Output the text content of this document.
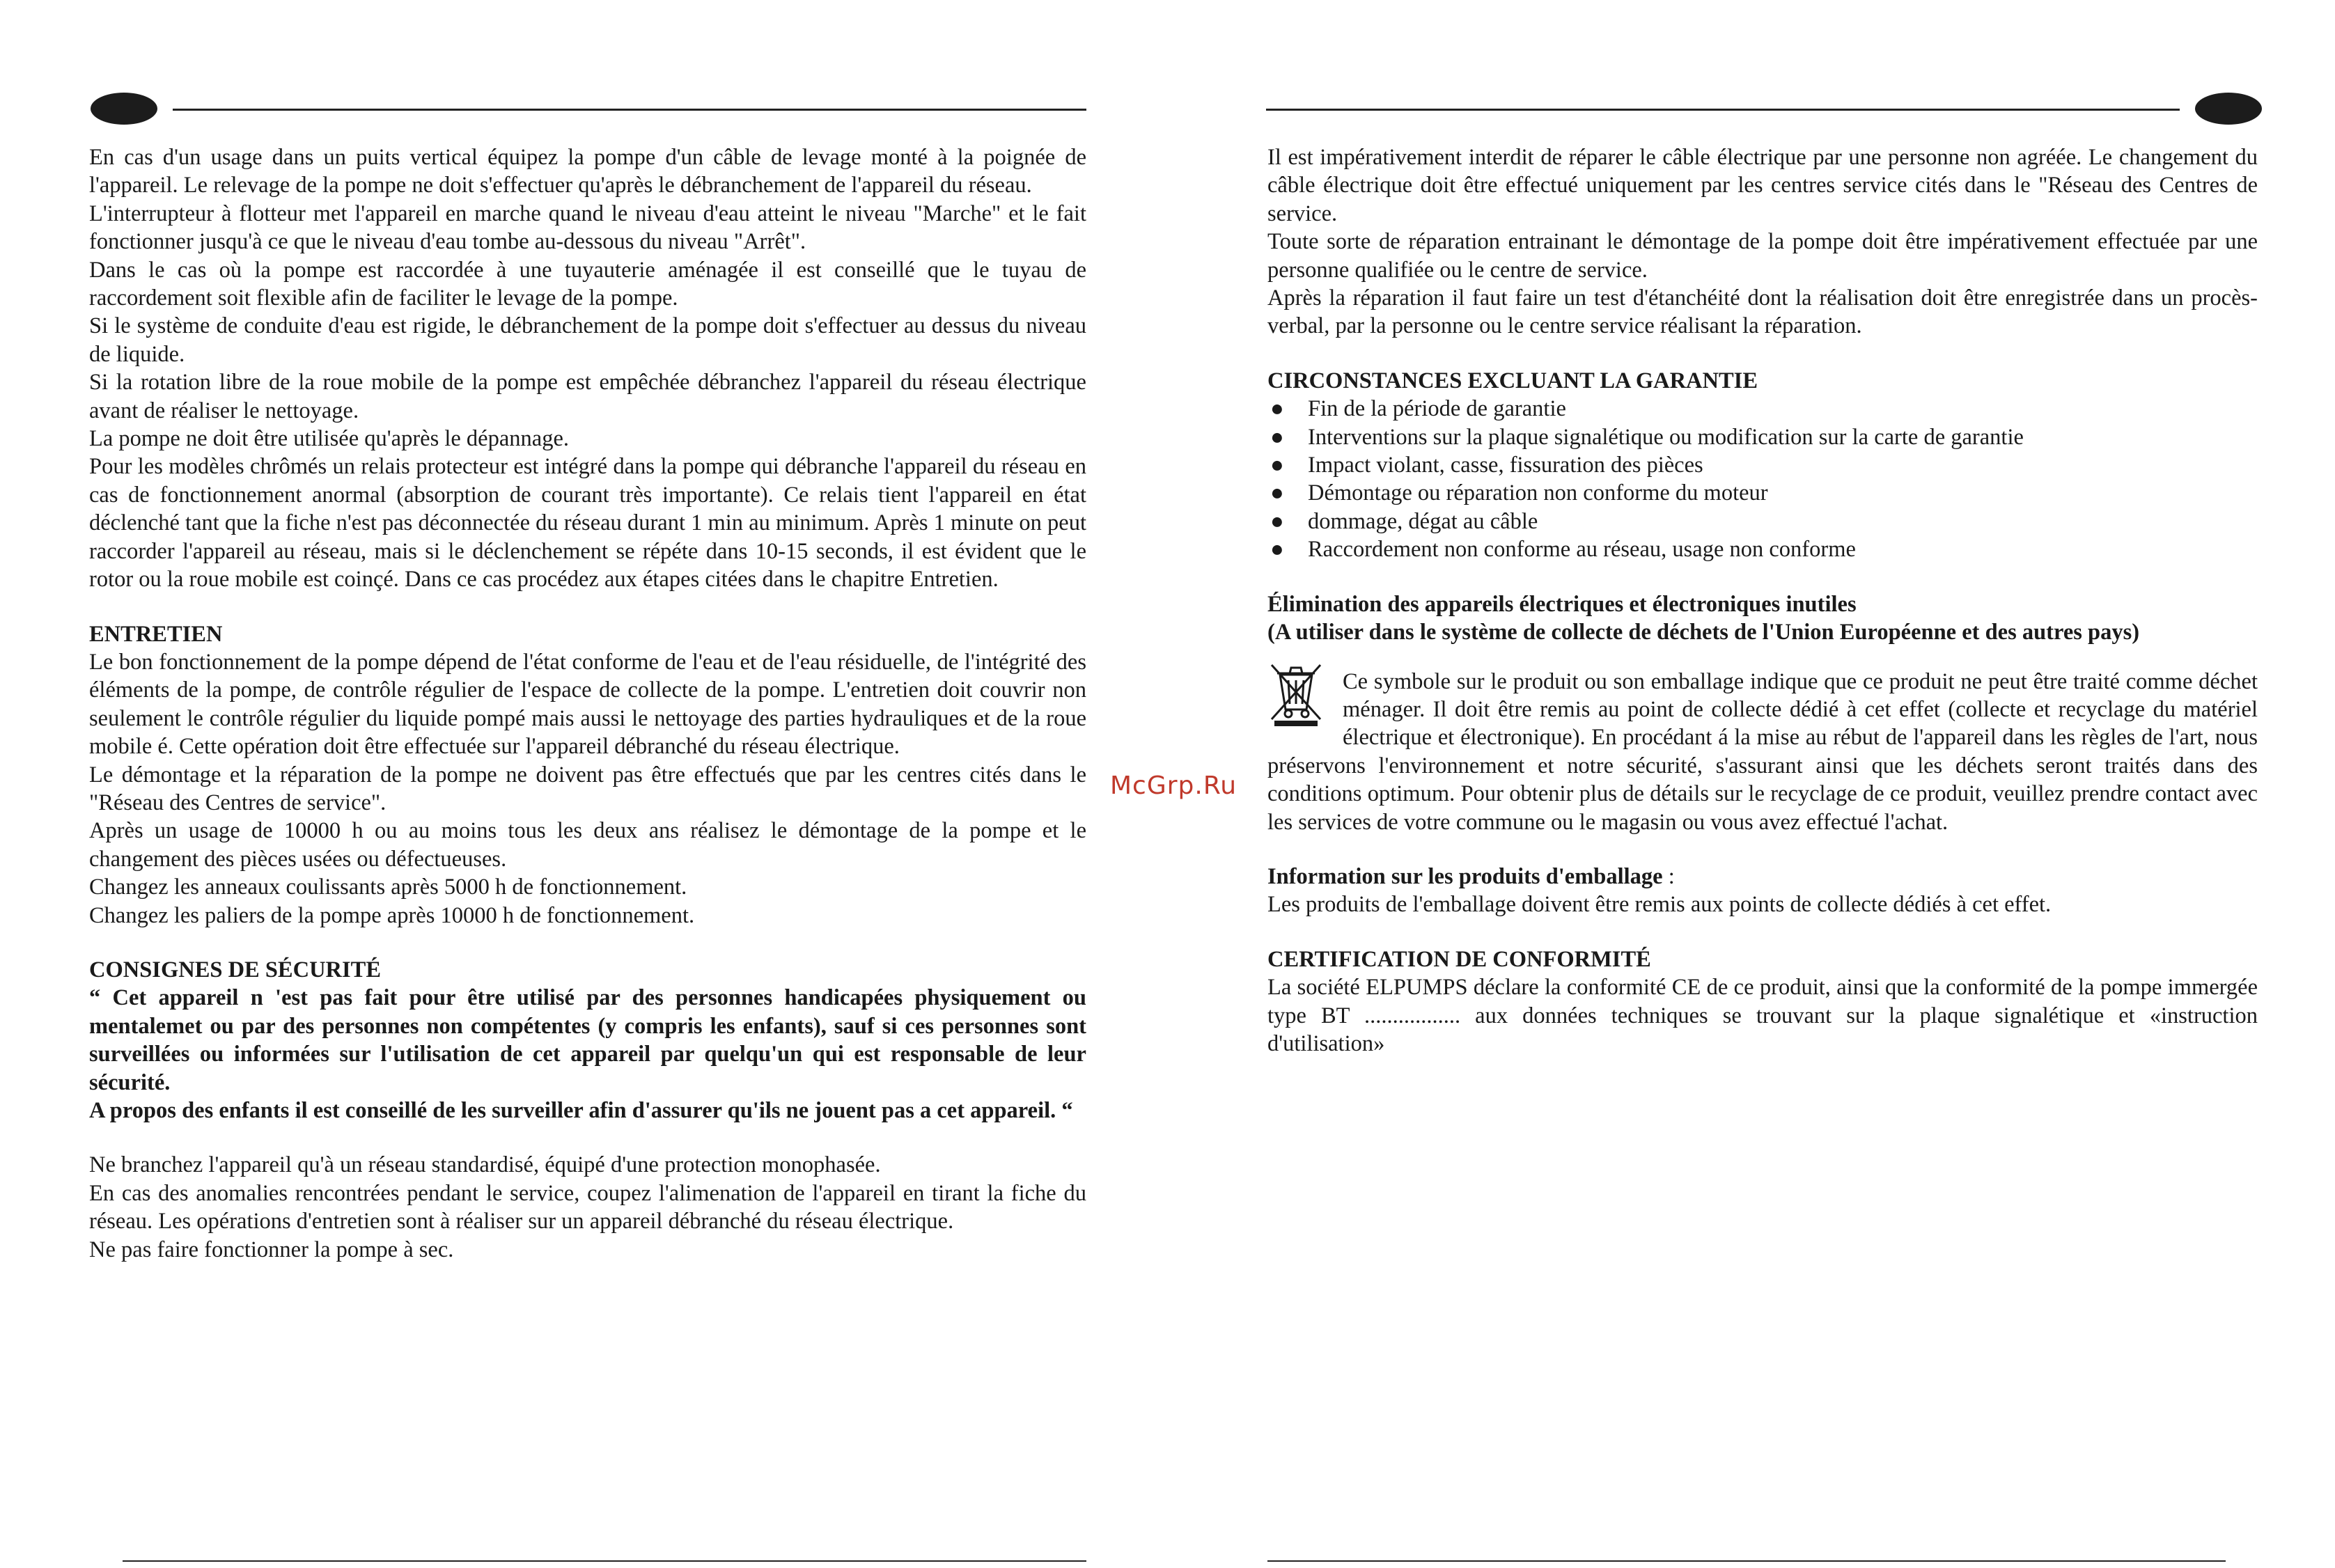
En cas d'un usage dans un puits vertical équipez la pompe d'un câble de levage monté à la poignée de l'appareil. Le relevage de la pompe ne doit s'effectuer qu'après le débranchement de l'appareil du réseau.

L'interrupteur à flotteur met l'appareil en marche quand le niveau d'eau atteint le niveau "Marche" et le fait fonctionner jusqu'à ce que le niveau d'eau tombe au-dessous du niveau "Arrêt".

Dans le cas où la pompe est raccordée à une tuyauterie aménagée il est conseillé que le tuyau de raccordement soit flexible afin de faciliter le levage de la pompe.

Si le système de conduite d'eau est rigide, le débranchement de la pompe doit s'effectuer au dessus du niveau de liquide.

Si la rotation libre de la roue mobile de la pompe est empêchée débranchez l'appareil du réseau électrique avant de réaliser le nettoyage.

La pompe ne doit être utilisée qu'après le dépannage.

Pour les modèles chrômés un relais protecteur est intégré dans la pompe qui débranche l'appareil du réseau en cas de fonctionnement anormal (absorption de courant très importante). Ce relais tient l'appareil en état déclenché tant que la fiche n'est pas déconnectée du réseau durant 1 min au minimum. Après 1 minute on peut raccorder l'appareil au réseau, mais si le déclenchement se répéte dans 10-15 seconds, il est évident que le rotor ou la roue mobile est coinçé. Dans ce cas procédez aux étapes citées dans le chapitre Entretien.

ENTRETIEN

Le bon fonctionnement de la pompe dépend de l'état conforme de l'eau et de l'eau résiduelle, de l'intégrité des éléments de la pompe, de contrôle régulier de l'espace de collecte de la pompe. L'entretien doit couvrir non seulement le contrôle régulier du liquide pompé mais aussi le nettoyage des parties hydrauliques et de la roue mobile é. Cette opération doit être effectuée sur l'appareil débranché du réseau électrique.

Le démontage et la réparation de la pompe ne doivent pas être effectués que par les centres cités dans le "Réseau des Centres de service".

Après un usage de 10000 h ou au moins tous les deux ans réalisez le démontage de la pompe et le changement des pièces usées ou défectueuses.

Changez les anneaux coulissants après 5000 h de fonctionnement.

Changez les paliers de la pompe après 10000 h de fonctionnement.

CONSIGNES DE SÉCURITÉ

“ Cet appareil n 'est pas fait pour être utilisé par des personnes handicapées physiquement ou mentalemet ou par des personnes non compétentes (y compris les enfants), sauf si ces personnes sont surveillées ou informées sur l'utilisation de cet appareil par quelqu'un qui est responsable de leur sécurité.

A propos des enfants il est conseillé de les surveiller afin d'assurer qu'ils ne jouent pas a cet appareil. “

Ne branchez l'appareil qu'à un réseau standardisé, équipé d'une protection monophasée.

En cas des anomalies rencontrées pendant le service, coupez l'alimenation de l'appareil en tirant la fiche du réseau. Les opérations d'entretien sont à réaliser sur un appareil débranché du réseau électrique.

Ne pas faire fonctionner la pompe à sec.

McGrp.Ru

Il est impérativement interdit de réparer le câble électrique par une personne non agréée. Le changement du câble électrique doit être effectué uniquement par les centres service cités dans le "Réseau des Centres de service.

Toute sorte de réparation entrainant le démontage de la pompe doit être impérativement effectuée par une personne qualifiée ou le centre de service.

Après la réparation il faut faire un test d'étanchéité dont la réalisation doit être enregistrée dans un procès-verbal, par la personne ou le centre service réalisant la réparation.

CIRCONSTANCES EXCLUANT LA GARANTIE

● Fin de la période de garantie
● Interventions sur la plaque signalétique ou modification sur la carte de garantie
● Impact violant, casse, fissuration des pièces
● Démontage ou réparation non conforme du moteur
● dommage, dégat au câble
● Raccordement non conforme au réseau, usage non conforme

Élimination des appareils électriques et électroniques inutiles

(A utiliser dans le système de collecte de déchets de l'Union Européenne et des autres pays)

Ce symbole sur le produit ou son emballage indique que ce produit ne peut être traité comme déchet ménager. Il doit être remis au point de collecte dédié à cet effet (collecte et recyclage du matériel électrique et électronique). En procédant á la mise au rébut de l'appareil dans les règles de l'art, nous préservons l'environnement et notre sécurité, s'assurant ainsi que les déchets seront traités dans des conditions optimum. Pour obtenir plus de détails sur le recyclage de ce produit, veuillez prendre contact avec les services de votre commune ou le magasin ou vous avez effectué l'achat.

Information sur les produits d'emballage :

Les produits de l'emballage doivent être remis aux points de collecte dédiés à cet effet.

CERTIFICATION DE CONFORMITÉ

La société ELPUMPS déclare la conformité CE de ce produit, ainsi que la conformité de la pompe immergée type BT ................. aux données techniques se trouvant sur la plaque signalétique et «instruction d'utilisation»
